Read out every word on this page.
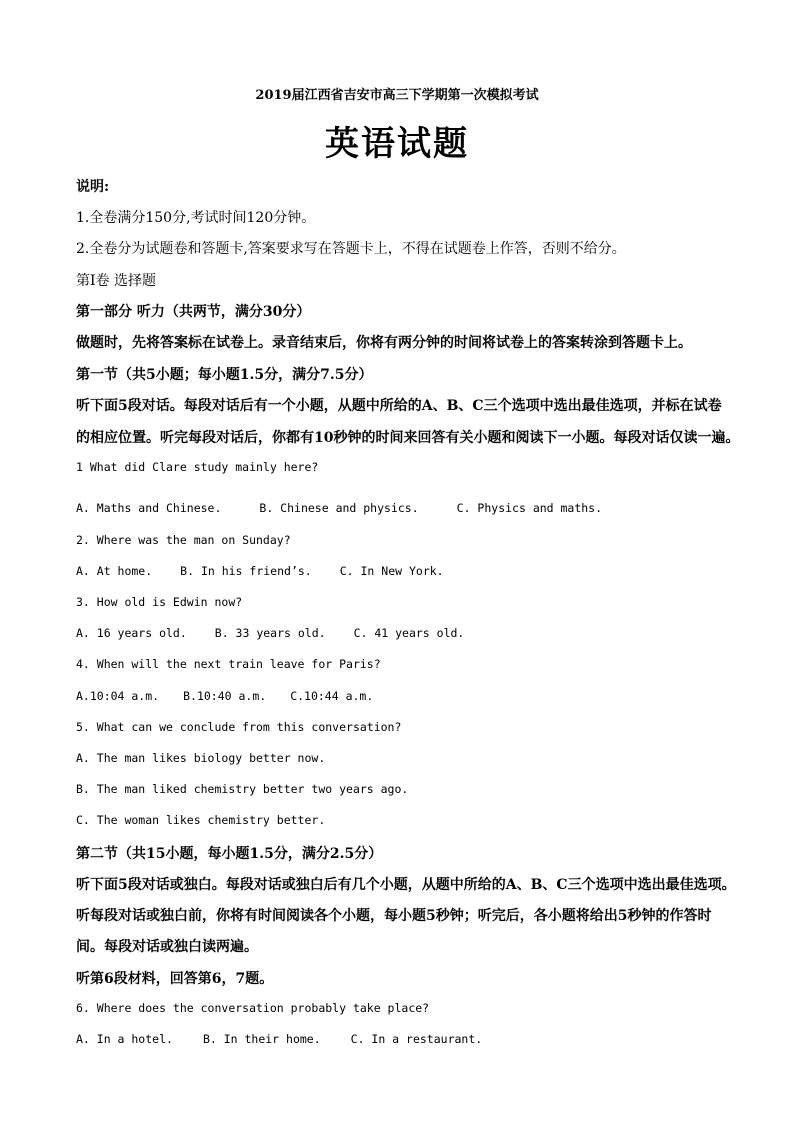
2019届江西省吉安市高三下学期第一次模拟考试
英语试题
说明:
1.全卷满分150分,考试时间120分钟。
2.全卷分为试题卷和答题卡,答案要求写在答题卡上，不得在试题卷上作答，否则不给分。
第Ⅰ卷 选择题
第一部分 听力（共两节，满分30分）
做题时，先将答案标在试卷上。录音结束后，你将有两分钟的时间将试卷上的答案转涂到答题卡上。
第一节（共5小题；每小题1.5分，满分7.5分）
听下面5段对话。每段对话后有一个小题，从题中所给的A、B、C三个选项中选出最佳选项，并标在试卷
的相应位置。听完每段对话后，你都有10秒钟的时间来回答有关小题和阅读下一小题。每段对话仅读一遍。
1 What did Clare study mainly here?
A. Maths and Chinese.	B. Chinese and physics.	C. Physics and maths.
2. Where was the man on Sunday?
A. At home. B. In his friend’s. C. In New York.
3. How old is Edwin now?
A. 16 years old. B. 33 years old. C. 41 years old.
4. When will the next train leave for Paris?
A.10:04 a.m. B.10:40 a.m. C.10:44 a.m.
5. What can we conclude from this conversation?
A. The man likes biology better now.
B. The man liked chemistry better two years ago.
C. The woman likes chemistry better.
第二节（共15小题，每小题1.5分，满分2.5分）
听下面5段对话或独白。每段对话或独白后有几个小题，从题中所给的A、B、C三个选项中选出最佳选项。
听每段对话或独白前，你将有时间阅读各个小题，每小题5秒钟；听完后，各小题将给出5秒钟的作答时
间。每段对话或独白读两遍。
听第6段材料，回答第6，7题。
6. Where does the conversation probably take place?
A. In a hotel.	B. In their home.	C. In a restaurant.
